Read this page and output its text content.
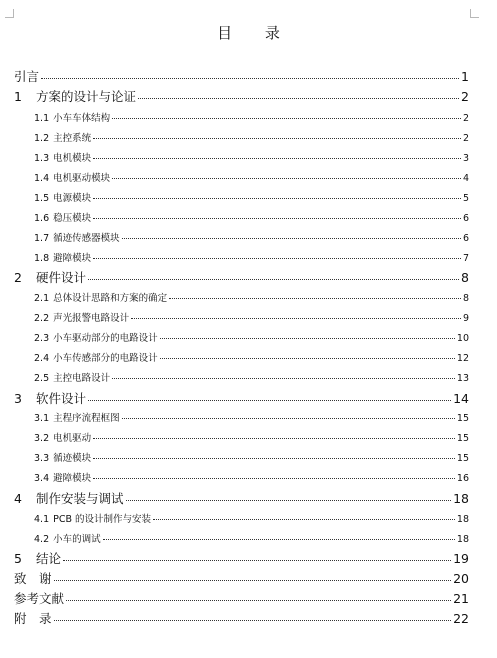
目 录
引言	1
1	方案的设计与论证	2
1.1 小车车体结构	2
1.2 主控系统	2
1.3 电机模块	3
1.4 电机驱动模块	4
1.5 电源模块	5
1.6 稳压模块	6
1.7 循迹传感器模块	6
1.8 避障模块	7
2	硬件设计	8
2.1 总体设计思路和方案的确定	8
2.2 声光报警电路设计	9
2.3 小车驱动部分的电路设计	10
2.4 小车传感部分的电路设计	12
2.5 主控电路设计	13
3	软件设计	14
3.1 主程序流程框图	15
3.2 电机驱动	15
3.3 循迹模块	15
3.4 避障模块	16
4	制作安装与调试	18
4.1 PCB 的设计制作与安装	18
4.2 小车的调试	18
5	结论	19
致　谢	20
参考文献	21
附　录	22
